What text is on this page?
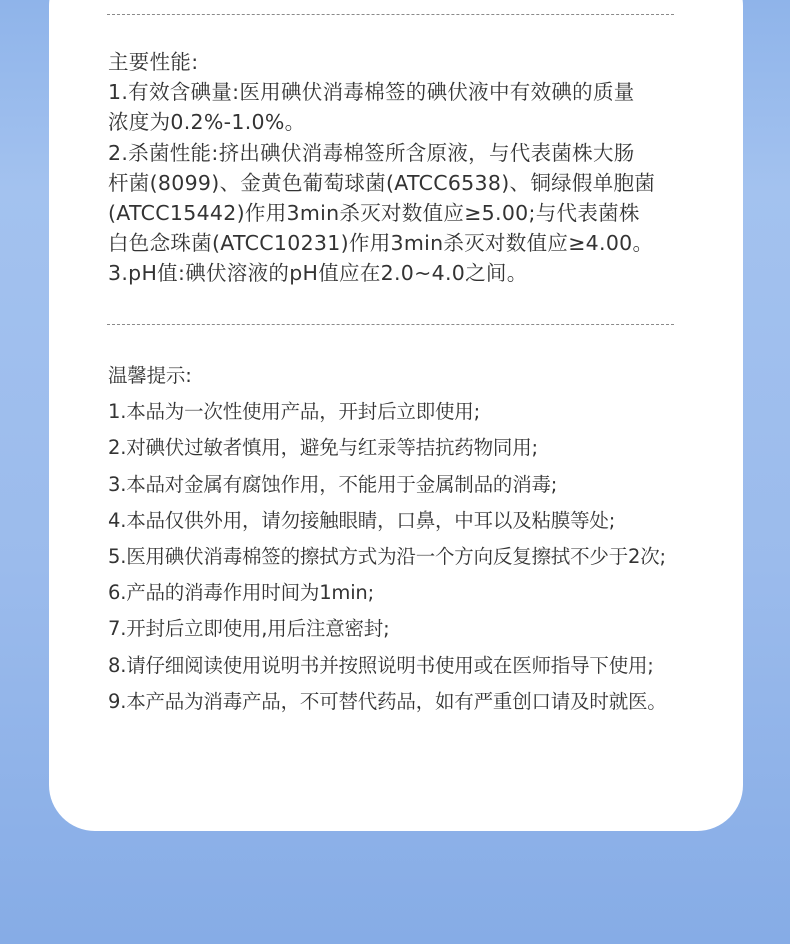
主要性能:
1.有效含碘量:医用碘伏消毒棉签的碘伏液中有效碘的质量
浓度为0.2%-1.0%。
2.杀菌性能:挤出碘伏消毒棉签所含原液，与代表菌株大肠
杆菌(8099)、金黄色葡萄球菌(ATCC6538)、铜绿假单胞菌
(ATCC15442)作用3min杀灭对数值应≥5.00;与代表菌株
白色念珠菌(ATCC10231)作用3min杀灭对数值应≥4.00。
3.pH值:碘伏溶液的pH值应在2.0~4.0之间。
温馨提示:
1.本品为一次性使用产品，开封后立即使用;
2.对碘伏过敏者慎用，避免与红汞等拮抗药物同用;
3.本品对金属有腐蚀作用，不能用于金属制品的消毒;
4.本品仅供外用，请勿接触眼睛，口鼻，中耳以及粘膜等处;
5.医用碘伏消毒棉签的擦拭方式为沿一个方向反复擦拭不少于2次;
6.产品的消毒作用时间为1min;
7.开封后立即使用,用后注意密封;
8.请仔细阅读使用说明书并按照说明书使用或在医师指导下使用;
9.本产品为消毒产品，不可替代药品，如有严重创口请及时就医。
